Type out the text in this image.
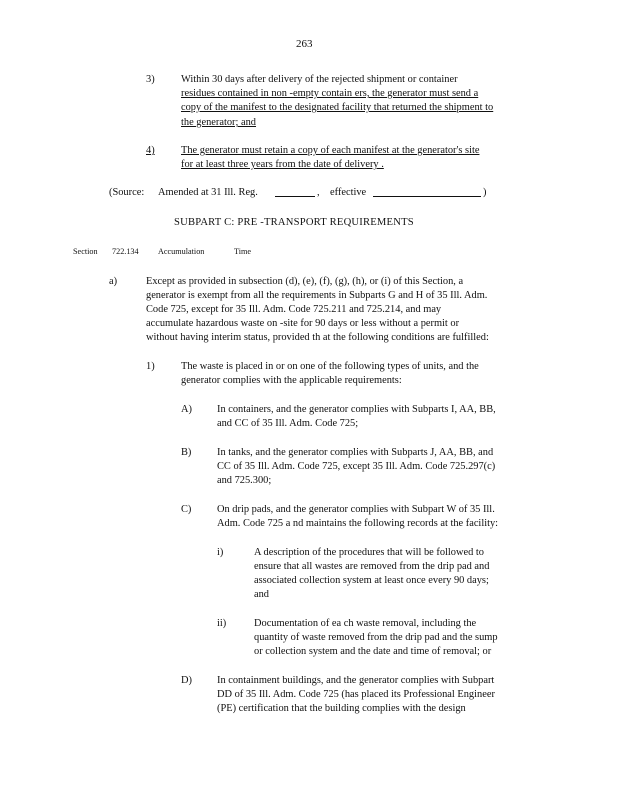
263
3)	Within 30 days after delivery of the rejected shipment or container
residues contained in non -empty contain ers, the generator must send a
copy of the manifest to the designated facility that returned the shipment to
the generator; and
4)	The generator must retain a copy of each manifest at the generator's site
for at least three years from the date of delivery .
(Source: Amended at 31 Ill. Reg.	, effective	)
SUBPART C: PRE -TRANSPORT REQUIREMENTS
Section 722.134 Accumulation	Time
a)	Except as provided in subsection (d), (e), (f), (g), (h), or (i) of this Section, a
generator is exempt from all the requirements in Subparts G and H of 35 Ill. Adm.
Code 725, except for 35 Ill. Adm. Code 725.211 and 725.214, and may
accumulate hazardous waste on -site for 90 days or less without a permit or
without having interim status, provided th at the following conditions are fulfilled:
1)	The waste is placed in or on one of the following types of units, and the
generator complies with the applicable requirements:
A) In containers, and the generator complies with Subparts I, AA, BB,
and CC of 35 Ill. Adm. Code 725;
B) In tanks, and the generator complies with Subparts J, AA, BB, and
CC of 35 Ill. Adm. Code 725, except 35 Ill. Adm. Code 725.297(c)
and 725.300;
C) On drip pads, and the generator complies with Subpart W of 35 Ill.
Adm. Code 725 a nd maintains the following records at the facility:
i)	A description of the procedures that will be followed to
ensure that all wastes are removed from the drip pad and
associated collection system at least once every 90 days;
and
ii)	Documentation of ea ch waste removal, including the
quantity of waste removed from the drip pad and the sump
or collection system and the date and time of removal; or
D) In containment buildings, and the generator complies with Subpart
DD of 35 Ill. Adm. Code 725 (has placed its Professional Engineer
(PE) certification that the building complies with the design
